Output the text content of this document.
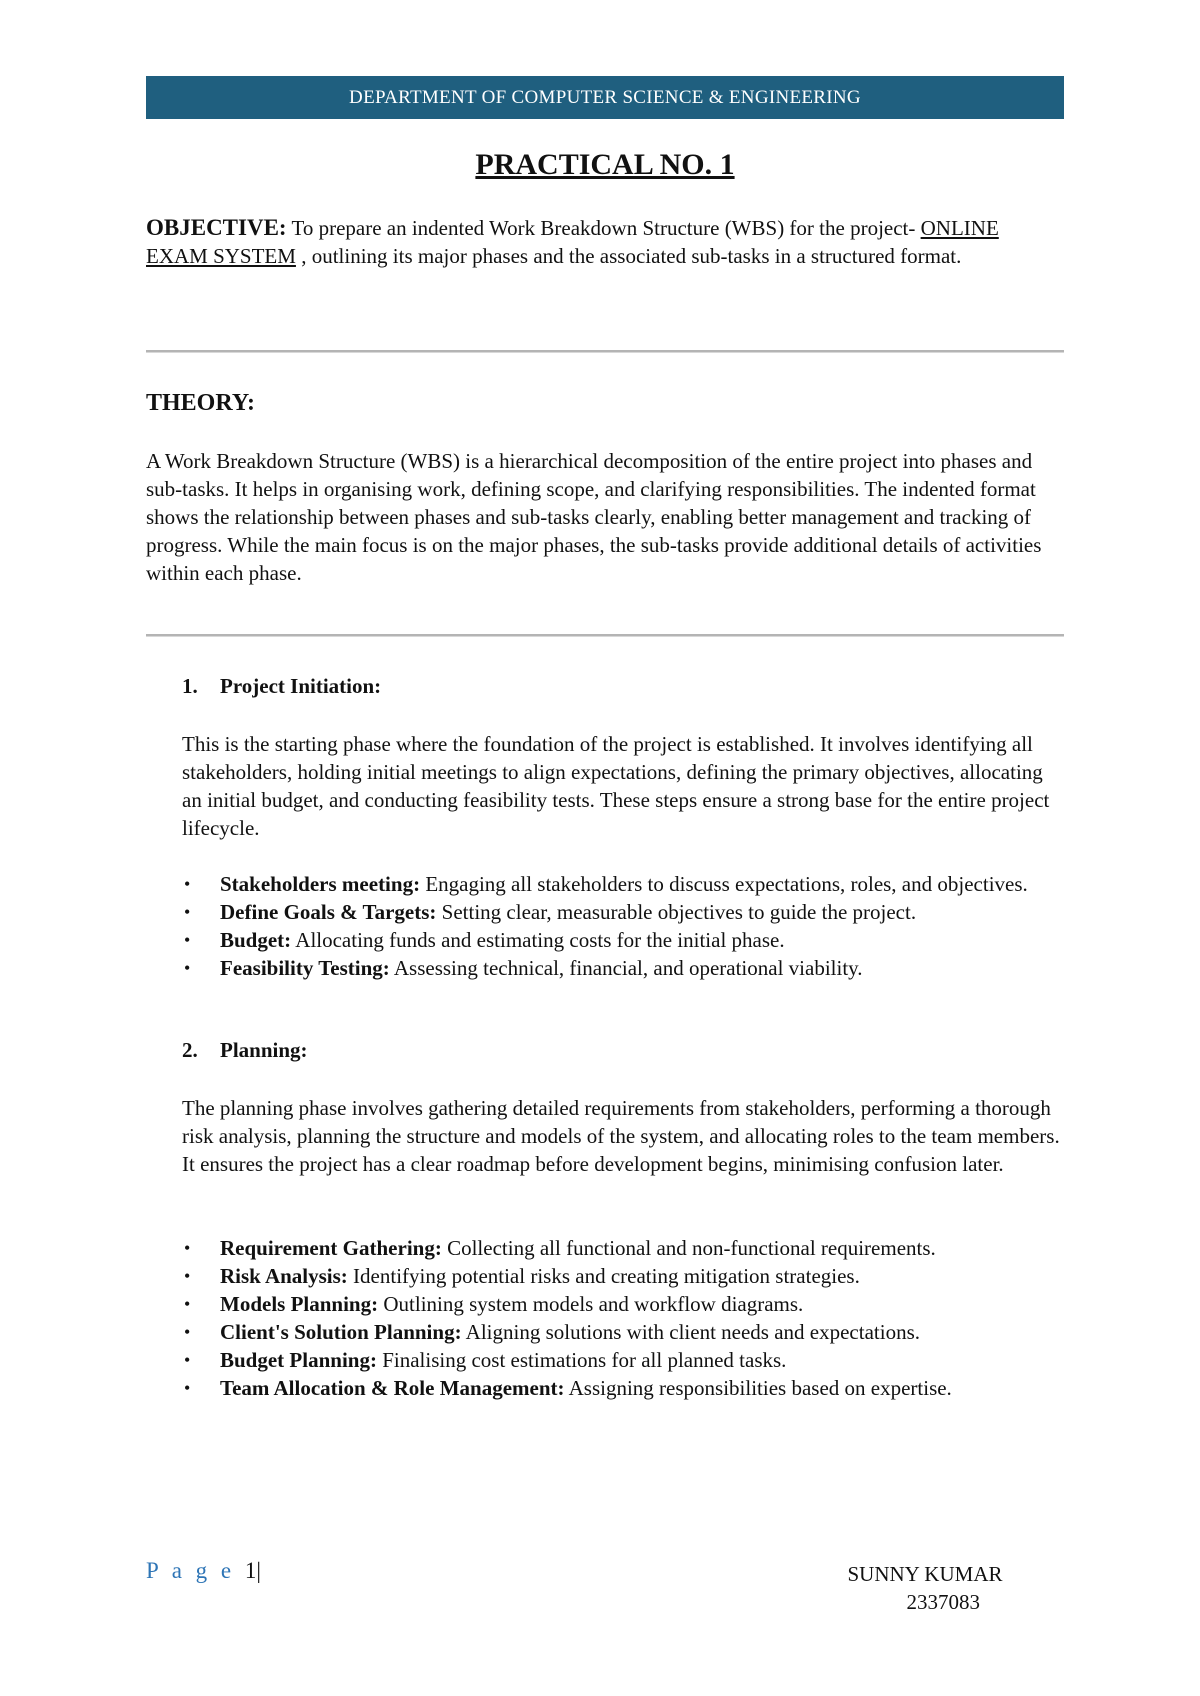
DEPARTMENT OF COMPUTER SCIENCE & ENGINEERING
PRACTICAL NO. 1
OBJECTIVE: To prepare an indented Work Breakdown Structure (WBS) for the project- ONLINE EXAM SYSTEM , outlining its major phases and the associated sub-tasks in a structured format.
THEORY:
A Work Breakdown Structure (WBS) is a hierarchical decomposition of the entire project into phases and sub-tasks. It helps in organising work, defining scope, and clarifying responsibilities. The indented format shows the relationship between phases and sub-tasks clearly, enabling better management and tracking of progress. While the main focus is on the major phases, the sub-tasks provide additional details of activities within each phase.
1. Project Initiation:
This is the starting phase where the foundation of the project is established. It involves identifying all stakeholders, holding initial meetings to align expectations, defining the primary objectives, allocating an initial budget, and conducting feasibility tests. These steps ensure a strong base for the entire project lifecycle.
• Stakeholders meeting: Engaging all stakeholders to discuss expectations, roles, and objectives.
• Define Goals & Targets: Setting clear, measurable objectives to guide the project.
• Budget: Allocating funds and estimating costs for the initial phase.
• Feasibility Testing: Assessing technical, financial, and operational viability.
2. Planning:
The planning phase involves gathering detailed requirements from stakeholders, performing a thorough risk analysis, planning the structure and models of the system, and allocating roles to the team members. It ensures the project has a clear roadmap before development begins, minimising confusion later.
• Requirement Gathering: Collecting all functional and non-functional requirements.
• Risk Analysis: Identifying potential risks and creating mitigation strategies.
• Models Planning: Outlining system models and workflow diagrams.
• Client's Solution Planning: Aligning solutions with client needs and expectations.
• Budget Planning: Finalising cost estimations for all planned tasks.
• Team Allocation & Role Management: Assigning responsibilities based on expertise.
P a g e 1|	SUNNY KUMAR
2337083
